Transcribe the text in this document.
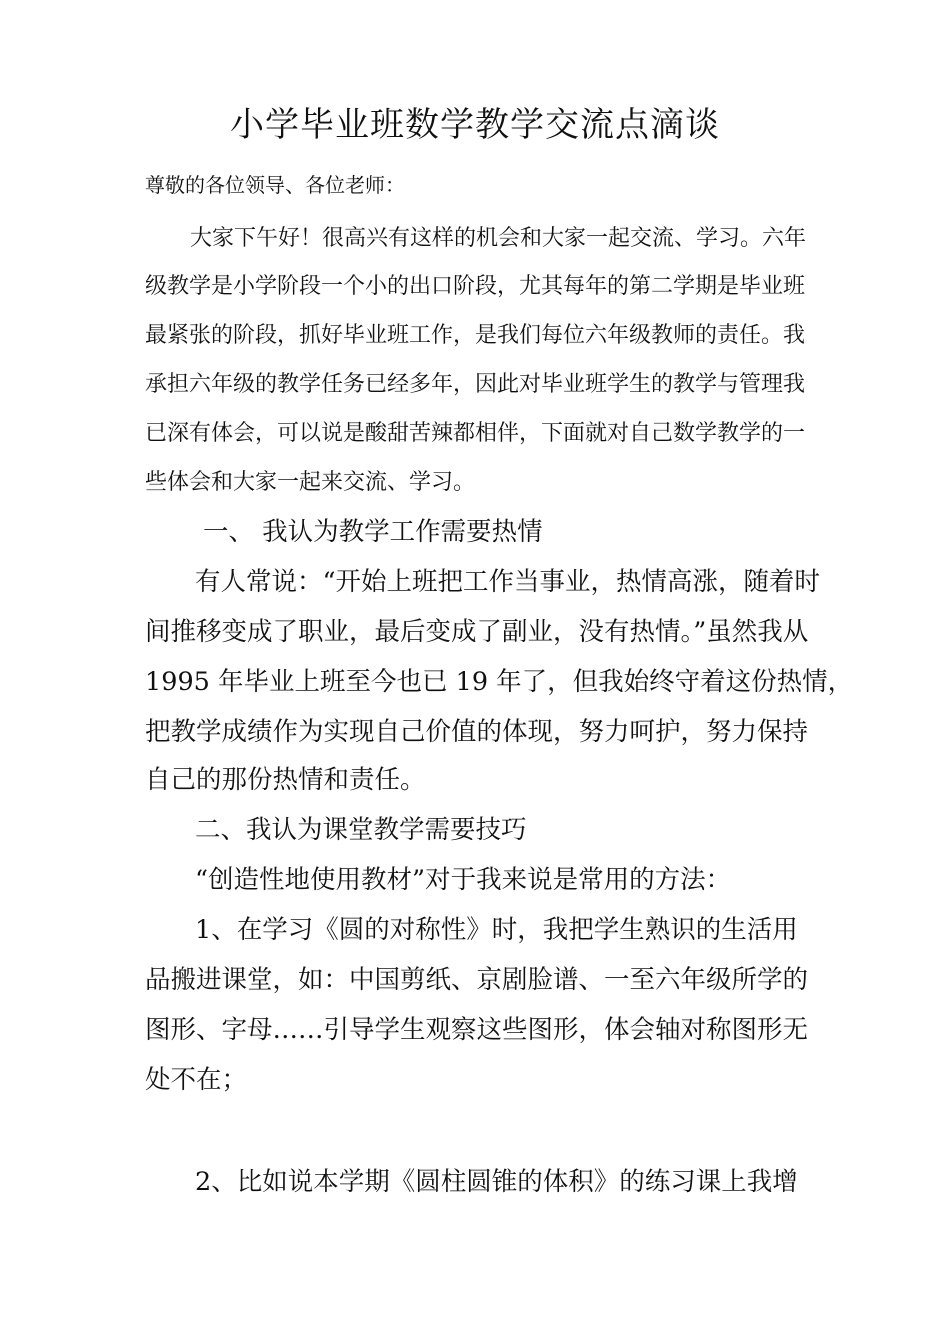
小学毕业班数学教学交流点滴谈
尊敬的各位领导、各位老师：
大家下午好！很高兴有这样的机会和大家一起交流、学习。六年
级教学是小学阶段一个小的出口阶段，尤其每年的第二学期是毕业班
最紧张的阶段，抓好毕业班工作，是我们每位六年级教师的责任。我
承担六年级的教学任务已经多年，因此对毕业班学生的教学与管理我
已深有体会，可以说是酸甜苦辣都相伴，下面就对自己数学教学的一
些体会和大家一起来交流、学习。
一、 我认为教学工作需要热情
有人常说：“开始上班把工作当事业，热情高涨，随着时
间推移变成了职业，最后变成了副业，没有热情。”虽然我从
1995 年毕业上班至今也已 19 年了，但我始终守着这份热情，
把教学成绩作为实现自己价值的体现，努力呵护，努力保持
自己的那份热情和责任。
二、我认为课堂教学需要技巧
“创造性地使用教材”对于我来说是常用的方法：
1、在学习《圆的对称性》时，我把学生熟识的生活用
品搬进课堂，如：中国剪纸、京剧脸谱、一至六年级所学的
图形、字母……引导学生观察这些图形，体会轴对称图形无
处不在；
2、比如说本学期《圆柱圆锥的体积》的练习课上我增
